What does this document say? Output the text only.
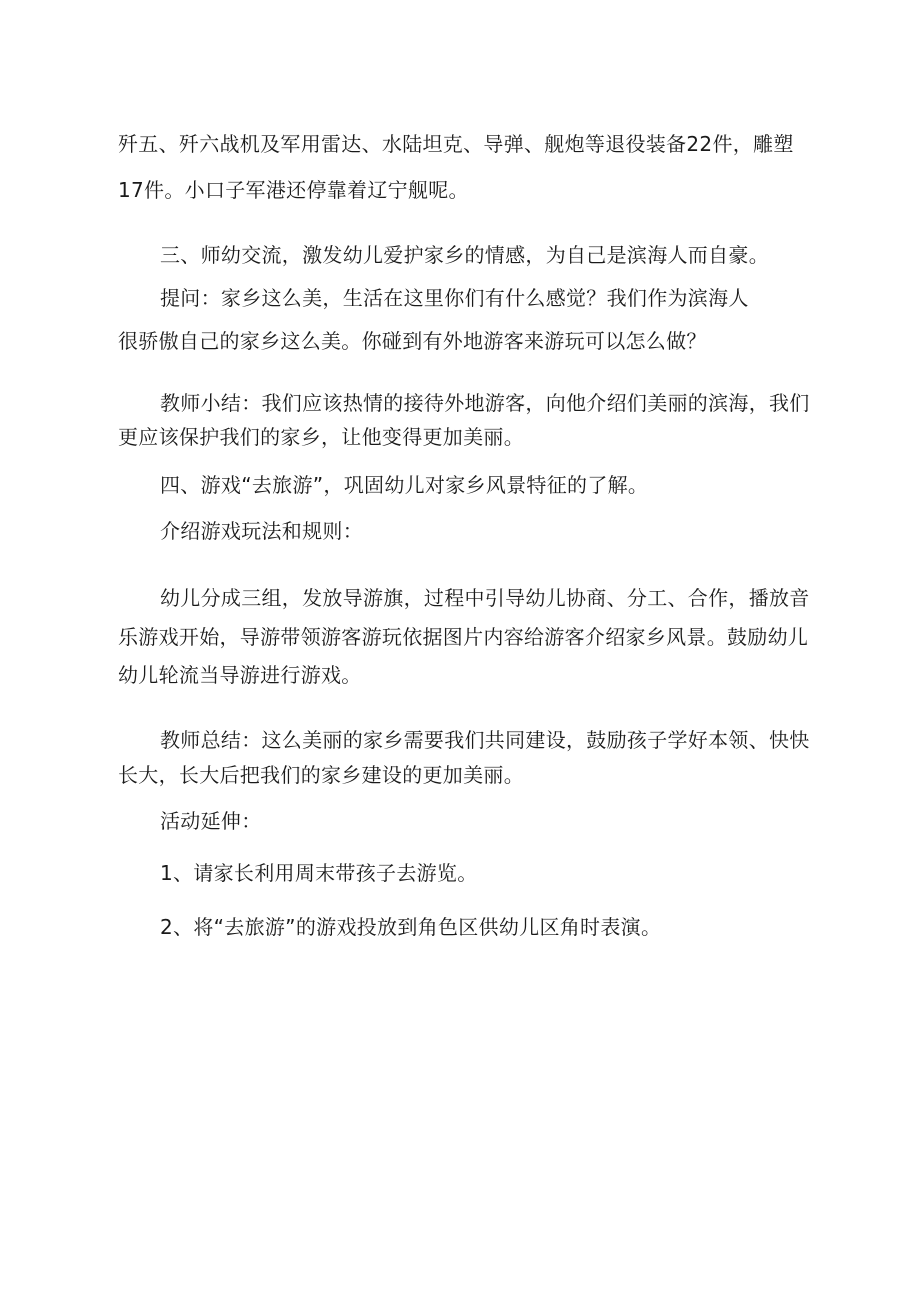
歼五、歼六战机及军用雷达、水陆坦克、导弹、舰炮等退役装备22件，雕塑
17件。小口子军港还停靠着辽宁舰呢。
三、师幼交流，激发幼儿爱护家乡的情感，为自己是滨海人而自豪。
提问：家乡这么美，生活在这里你们有什么感觉？我们作为滨海人
很骄傲自己的家乡这么美。你碰到有外地游客来游玩可以怎么做？
教师小结：我们应该热情的接待外地游客，向他介绍们美丽的滨海，我们
更应该保护我们的家乡，让他变得更加美丽。
四、游戏“去旅游”，巩固幼儿对家乡风景特征的了解。
介绍游戏玩法和规则：
幼儿分成三组，发放导游旗，过程中引导幼儿协商、分工、合作，播放音
乐游戏开始，导游带领游客游玩依据图片内容给游客介绍家乡风景。鼓励幼儿
幼儿轮流当导游进行游戏。
教师总结：这么美丽的家乡需要我们共同建设，鼓励孩子学好本领、快快
长大，长大后把我们的家乡建设的更加美丽。
活动延伸：
1、请家长利用周末带孩子去游览。
2、将“去旅游”的游戏投放到角色区供幼儿区角时表演。
